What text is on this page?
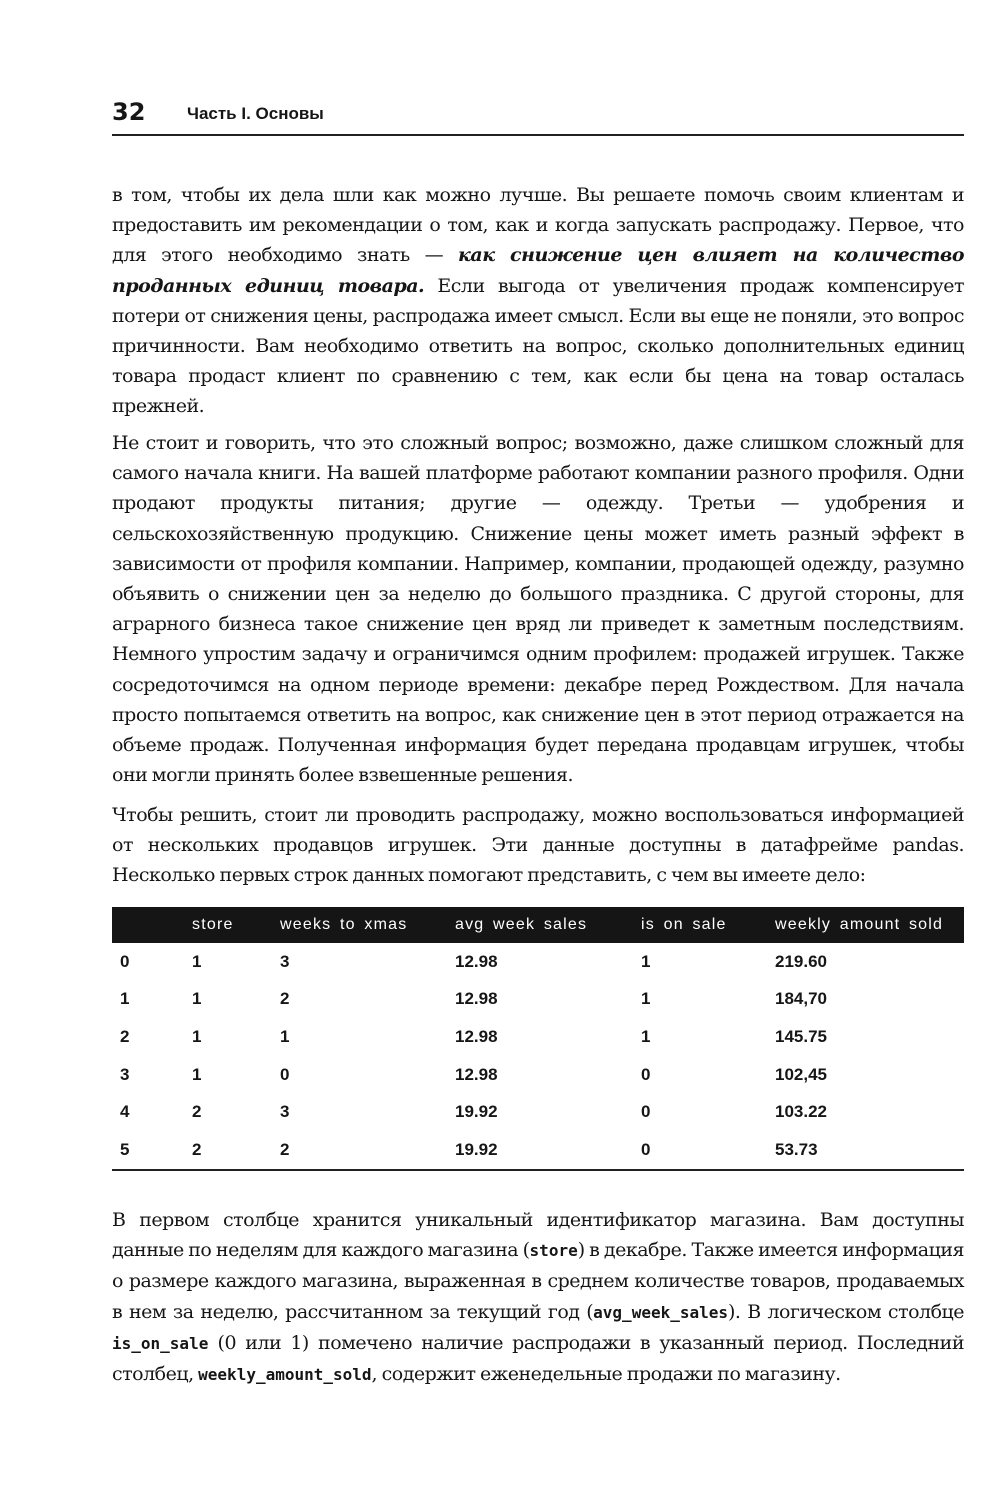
32 Часть I. Основы
в том, чтобы их дела шли как можно лучше. Вы решаете помочь своим клиентам и предоставить им рекомендации о том, как и когда запускать распродажу. Первое, что для этого необходимо знать — как снижение цен влияет на количество проданных единиц товара. Если выгода от увеличения продаж компенсирует потери от снижения цены, распродажа имеет смысл. Если вы еще не поняли, это вопрос причинности. Вам необходимо ответить на вопрос, сколько дополнительных единиц товара продаст клиент по сравнению с тем, как если бы цена на товар осталась прежней.
Не стоит и говорить, что это сложный вопрос; возможно, даже слишком сложный для самого начала книги. На вашей платформе работают компании разного профиля. Одни продают продукты питания; другие — одежду. Третьи — удобрения и сельскохозяйственную продукцию. Снижение цены может иметь разный эффект в зависимости от профиля компании. Например, компании, продающей одежду, разумно объявить о снижении цен за неделю до большого праздника. С другой стороны, для аграрного бизнеса такое снижение цен вряд ли приведет к заметным последствиям. Немного упростим задачу и ограничимся одним профилем: продажей игрушек. Также сосредоточимся на одном периоде времени: декабре перед Рождеством. Для начала просто попытаемся ответить на вопрос, как снижение цен в этот период отражается на объеме продаж. Полученная информация будет передана продавцам игрушек, чтобы они могли принять более взвешенные решения.
Чтобы решить, стоит ли проводить распродажу, можно воспользоваться информацией от нескольких продавцов игрушек. Эти данные доступны в датафрейме pandas. Несколько первых строк данных помогают представить, с чем вы имеете дело:
	store	weeks to xmas	avg week sales	is on sale	weekly amount sold
0	1	3	12.98	1	219.60
1	1	2	12.98	1	184,70
2	1	1	12.98	1	145.75
3	1	0	12.98	0	102,45
4	2	3	19.92	0	103.22
5	2	2	19.92	0	53.73
В первом столбце хранится уникальный идентификатор магазина. Вам доступны данные по неделям для каждого магазина (store) в декабре. Также имеется информация о размере каждого магазина, выраженная в среднем количестве товаров, продаваемых в нем за неделю, рассчитанном за текущий год (avg_week_sales). В логическом столбце is_on_sale (0 или 1) помечено наличие распродажи в указанный период. Последний столбец, weekly_amount_sold, содержит еженедельные продажи по магазину.
